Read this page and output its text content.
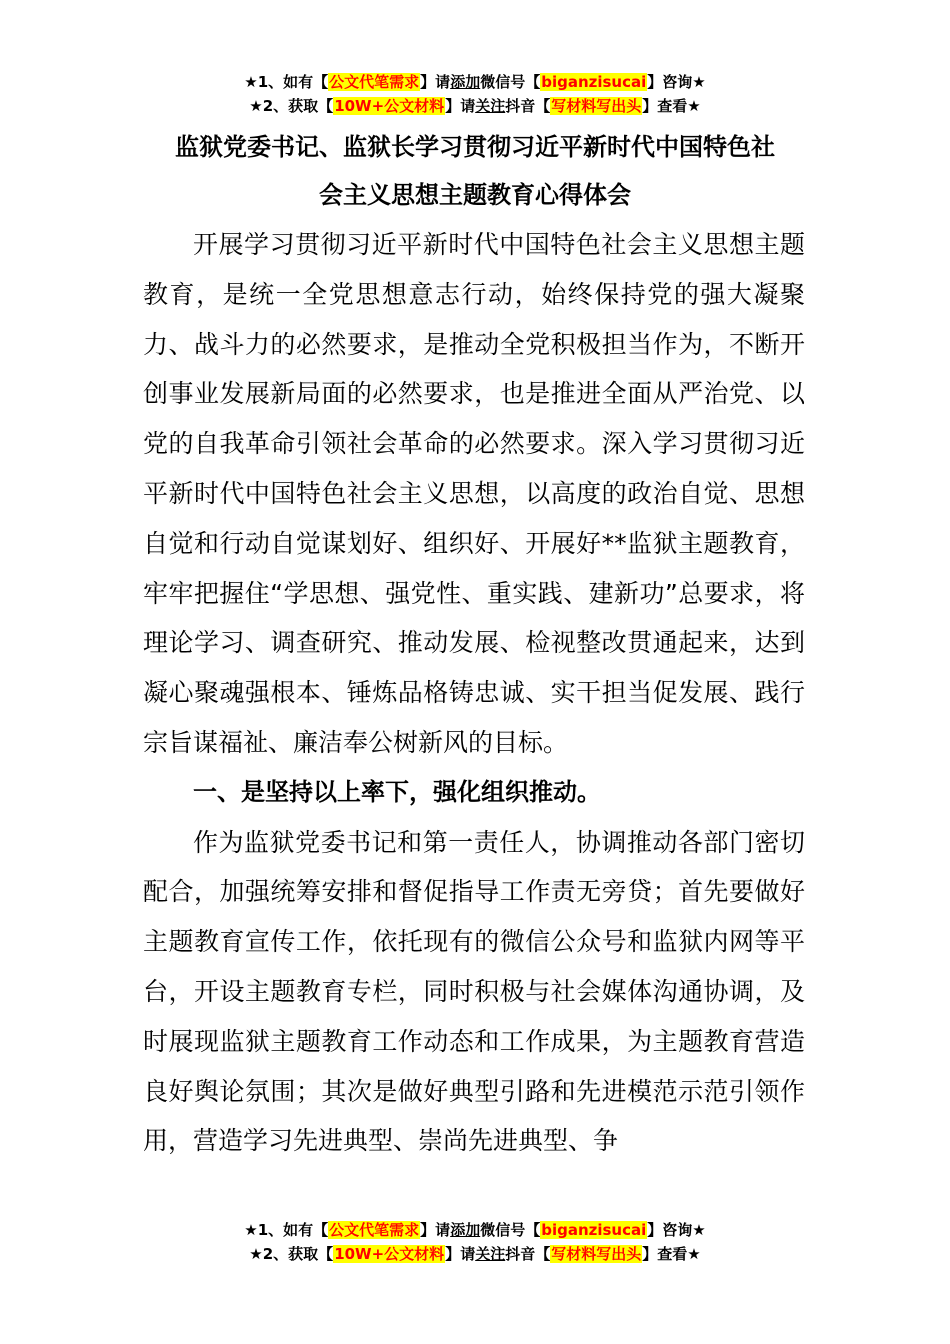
★1、如有【公文代笔需求】请添加微信号【biganzisucai】咨询★
★2、获取【10W+公文材料】请关注抖音【写材料写出头】查看★
监狱党委书记、监狱长学习贯彻习近平新时代中国特色社
会主义思想主题教育心得体会

开展学习贯彻习近平新时代中国特色社会主义思想主题教育，是统一全党思想意志行动，始终保持党的强大凝聚力、战斗力的必然要求，是推动全党积极担当作为，不断开创事业发展新局面的必然要求，也是推进全面从严治党、以党的自我革命引领社会革命的必然要求。深入学习贯彻习近平新时代中国特色社会主义思想，以高度的政治自觉、思想自觉和行动自觉谋划好、组织好、开展好**监狱主题教育，牢牢把握住“学思想、强党性、重实践、建新功”总要求，将理论学习、调查研究、推动发展、检视整改贯通起来，达到凝心聚魂强根本、锤炼品格铸忠诚、实干担当促发展、践行宗旨谋福祉、廉洁奉公树新风的目标。

一、是坚持以上率下，强化组织推动。

作为监狱党委书记和第一责任人，协调推动各部门密切配合，加强统筹安排和督促指导工作责无旁贷；首先要做好主题教育宣传工作，依托现有的微信公众号和监狱内网等平台，开设主题教育专栏，同时积极与社会媒体沟通协调，及时展现监狱主题教育工作动态和工作成果，为主题教育营造良好舆论氛围；其次是做好典型引路和先进模范示范引领作用，营造学习先进典型、崇尚先进典型、争

★1、如有【公文代笔需求】请添加微信号【biganzisucai】咨询★
★2、获取【10W+公文材料】请关注抖音【写材料写出头】查看★
